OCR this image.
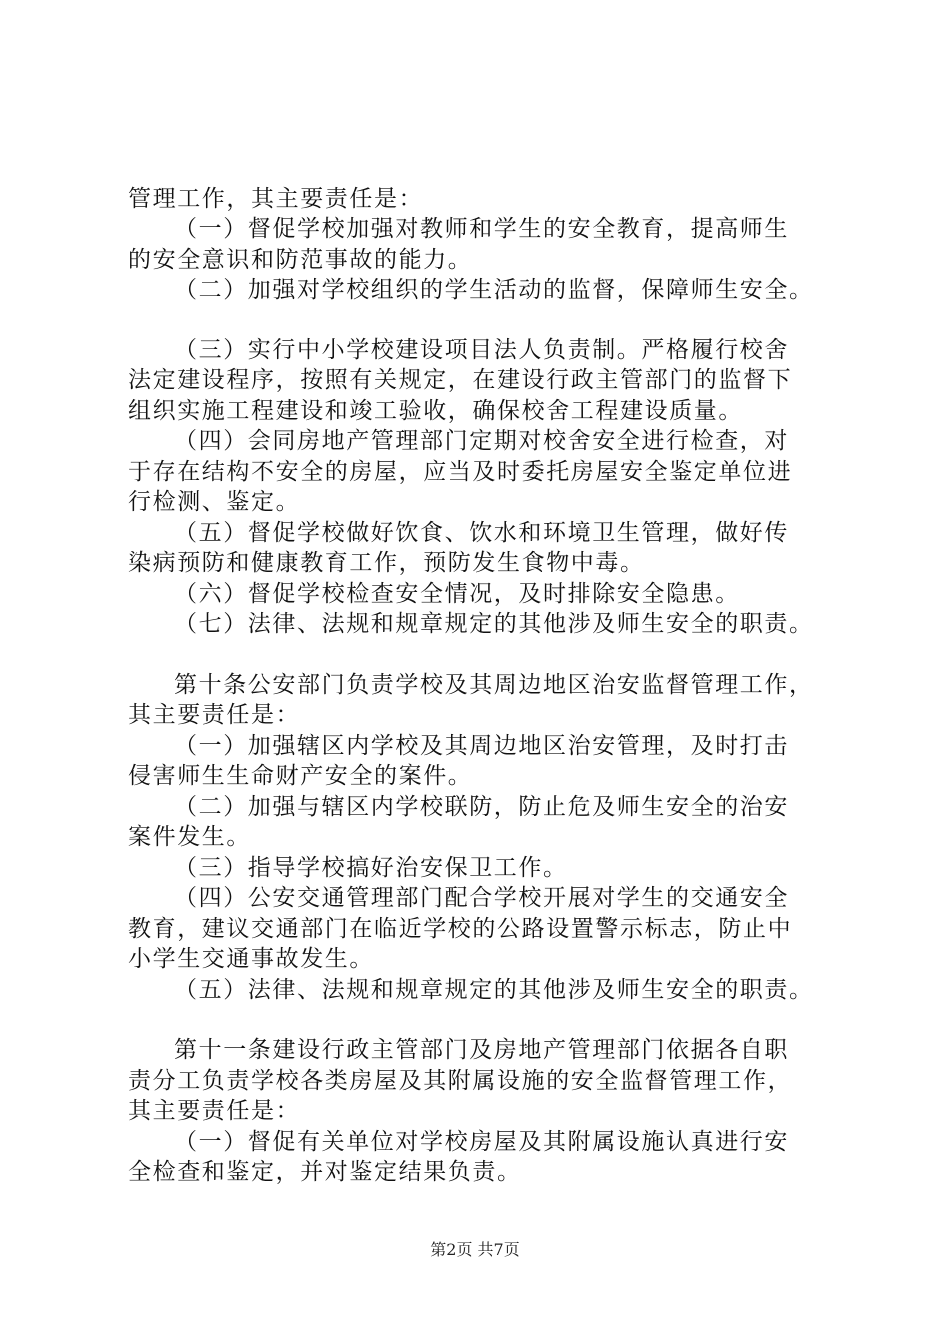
管理工作，其主要责任是：
（一）督促学校加强对教师和学生的安全教育，提高师生
的安全意识和防范事故的能力。
（二）加强对学校组织的学生活动的监督，保障师生安全。
（三）实行中小学校建设项目法人负责制。严格履行校舍
法定建设程序，按照有关规定，在建设行政主管部门的监督下
组织实施工程建设和竣工验收，确保校舍工程建设质量。
（四）会同房地产管理部门定期对校舍安全进行检查，对
于存在结构不安全的房屋，应当及时委托房屋安全鉴定单位进
行检测、鉴定。
（五）督促学校做好饮食、饮水和环境卫生管理，做好传
染病预防和健康教育工作，预防发生食物中毒。
（六）督促学校检查安全情况，及时排除安全隐患。
（七）法律、法规和规章规定的其他涉及师生安全的职责。
第十条公安部门负责学校及其周边地区治安监督管理工作，
其主要责任是：
（一）加强辖区内学校及其周边地区治安管理，及时打击
侵害师生生命财产安全的案件。
（二）加强与辖区内学校联防，防止危及师生安全的治安
案件发生。
（三）指导学校搞好治安保卫工作。
（四）公安交通管理部门配合学校开展对学生的交通安全
教育，建议交通部门在临近学校的公路设置警示标志，防止中
小学生交通事故发生。
（五）法律、法规和规章规定的其他涉及师生安全的职责。
第十一条建设行政主管部门及房地产管理部门依据各自职
责分工负责学校各类房屋及其附属设施的安全监督管理工作，
其主要责任是：
（一）督促有关单位对学校房屋及其附属设施认真进行安
全检查和鉴定，并对鉴定结果负责。
第2页 共7页
